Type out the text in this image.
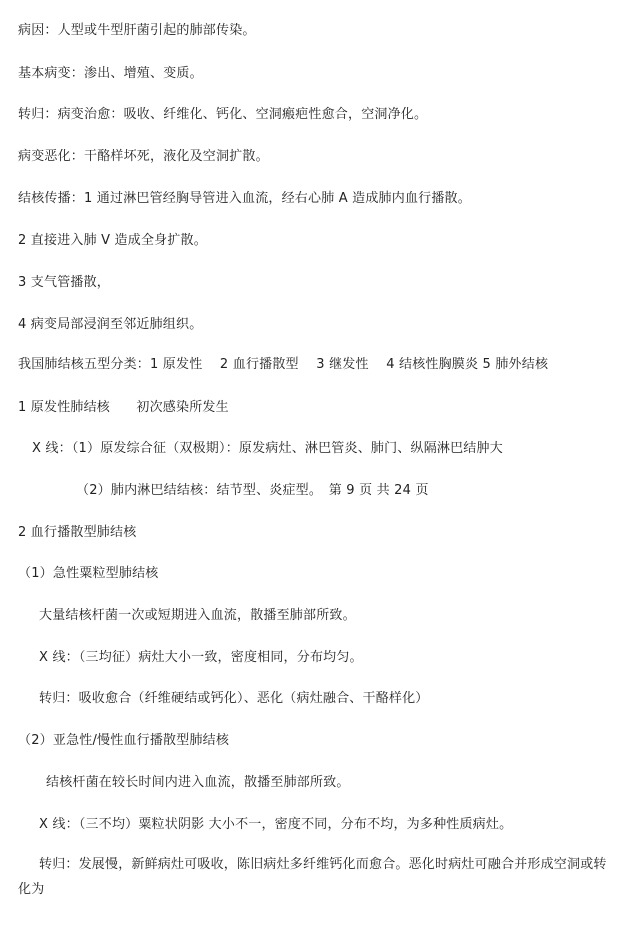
病因：人型或牛型肝菌引起的肺部传染。
基本病变：渗出、增殖、变质。
转归：病变治愈：吸收、纤维化、钙化、空洞瘢疤性愈合，空洞净化。
病变恶化：干酪样坏死，液化及空洞扩散。
结核传播：1 通过淋巴管经胸导管进入血流，经右心肺 A 造成肺内血行播散。
2 直接进入肺 V 造成全身扩散。
3 支气管播散，
4 病变局部浸润至邻近肺组织。
我国肺结核五型分类：1 原发性　 2 血行播散型　 3 继发性　 4 结核性胸膜炎 5 肺外结核
1 原发性肺结核　　初次感染所发生
X 线：（1）原发综合征（双极期）：原发病灶、淋巴管炎、肺门、纵隔淋巴结肿大
（2）肺内淋巴结结核：结节型、炎症型。　第 9 页 共 24 页
2 血行播散型肺结核
（1）急性粟粒型肺结核
大量结核杆菌一次或短期进入血流，散播至肺部所致。
X 线：（三均征）病灶大小一致，密度相同，分布均匀。
转归：吸收愈合（纤维硬结或钙化）、恶化（病灶融合、干酪样化）
（2）亚急性/慢性血行播散型肺结核
结核杆菌在较长时间内进入血流，散播至肺部所致。
X 线：（三不均）粟粒状阴影 大小不一，密度不同，分布不均，为多种性质病灶。
转归：发展慢，新鲜病灶可吸收，陈旧病灶多纤维钙化而愈合。恶化时病灶可融合并形成空洞或转化为
